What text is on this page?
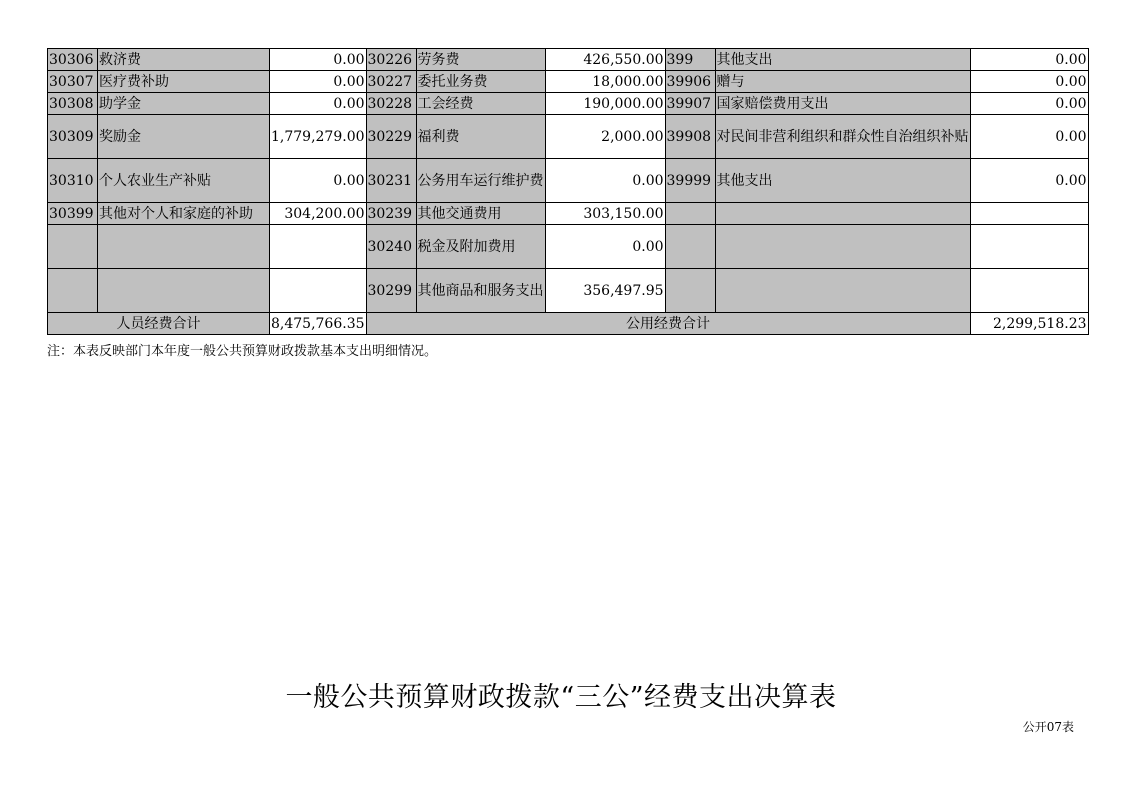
30306	救济费	0.00	30226	劳务费	426,550.00	399	其他支出	0.00
30307	医疗费补助	0.00	30227	委托业务费	18,000.00	39906	赠与	0.00
30308	助学金	0.00	30228	工会经费	190,000.00	39907	国家赔偿费用支出	0.00
30309	奖励金	1,779,279.00	30229	福利费	2,000.00	39908	对民间非营利组织和群众性自治组织补贴	0.00
30310	个人农业生产补贴	0.00	30231	公务用车运行维护费	0.00	39999	其他支出	0.00
30399	其他对个人和家庭的补助	304,200.00	30239	其他交通费用	303,150.00			
			30240	税金及附加费用	0.00			
			30299	其他商品和服务支出	356,497.95			
人员经费合计		8,475,766.35	公用经费合计					2,299,518.23
注：本表反映部门本年度一般公共预算财政拨款基本支出明细情况。
一般公共预算财政拨款“三公”经费支出决算表
公开07表
